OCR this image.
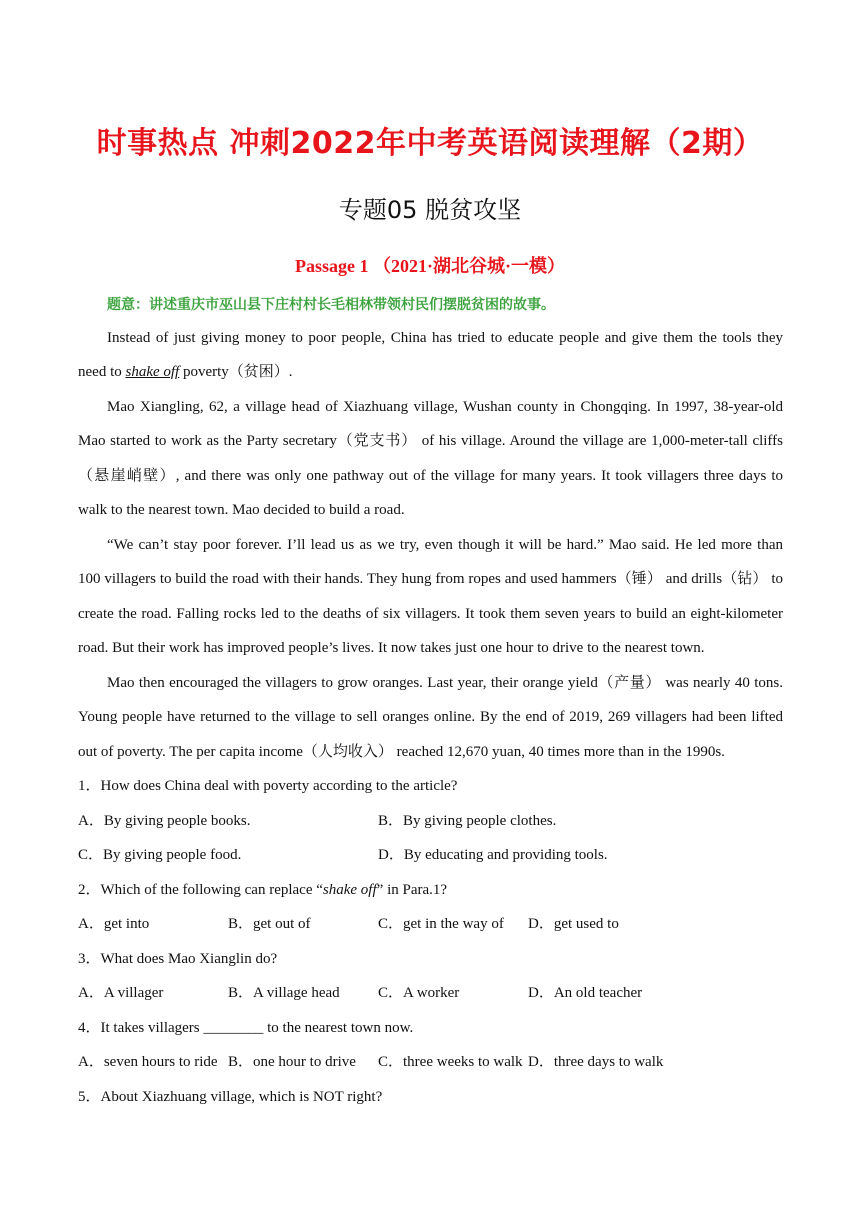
时事热点 冲刺2022年中考英语阅读理解（2期）
专题05 脱贫攻坚
Passage 1 （2021·湖北谷城·一模）
题意：讲述重庆市巫山县下庄村村长毛相林带领村民们摆脱贫困的故事。
Instead of just giving money to poor people, China has tried to educate people and give them the tools they
need to shake off poverty（贫困）.
Mao Xiangling, 62, a village head of Xiazhuang village, Wushan county in Chongqing. In 1997, 38-year-old
Mao started to work as the Party secretary（党支书） of his village. Around the village are 1,000-meter-tall cliffs
（悬崖峭壁）, and there was only one pathway out of the village for many years. It took villagers three days to
walk to the nearest town. Mao decided to build a road.
“We can’t stay poor forever. I’ll lead us as we try, even though it will be hard.” Mao said. He led more than
100 villagers to build the road with their hands. They hung from ropes and used hammers（锤） and drills（钻） to
create the road. Falling rocks led to the deaths of six villagers. It took them seven years to build an eight-kilometer
road. But their work has improved people’s lives. It now takes just one hour to drive to the nearest town.
Mao then encouraged the villagers to grow oranges. Last year, their orange yield（产量） was nearly 40 tons.
Young people have returned to the village to sell oranges online. By the end of 2019, 269 villagers had been lifted
out of poverty. The per capita income（人均收入） reached 12,670 yuan, 40 times more than in the 1990s.
1．How does China deal with poverty according to the article?
A．By giving people books.	B．By giving people clothes.
C．By giving people food.	D．By educating and providing tools.
2．Which of the following can replace “shake off” in Para.1?
A．get into	B．get out of	C．get in the way of D．get used to
3．What does Mao Xianglin do?
A．A villager	B．A village head	C．A worker	D．An old teacher
4．It takes villagers ________ to the nearest town now.
A．seven hours to ride B．one hour to drive C．three weeks to walk D．three days to walk
5．About Xiazhuang village, which is NOT right?
